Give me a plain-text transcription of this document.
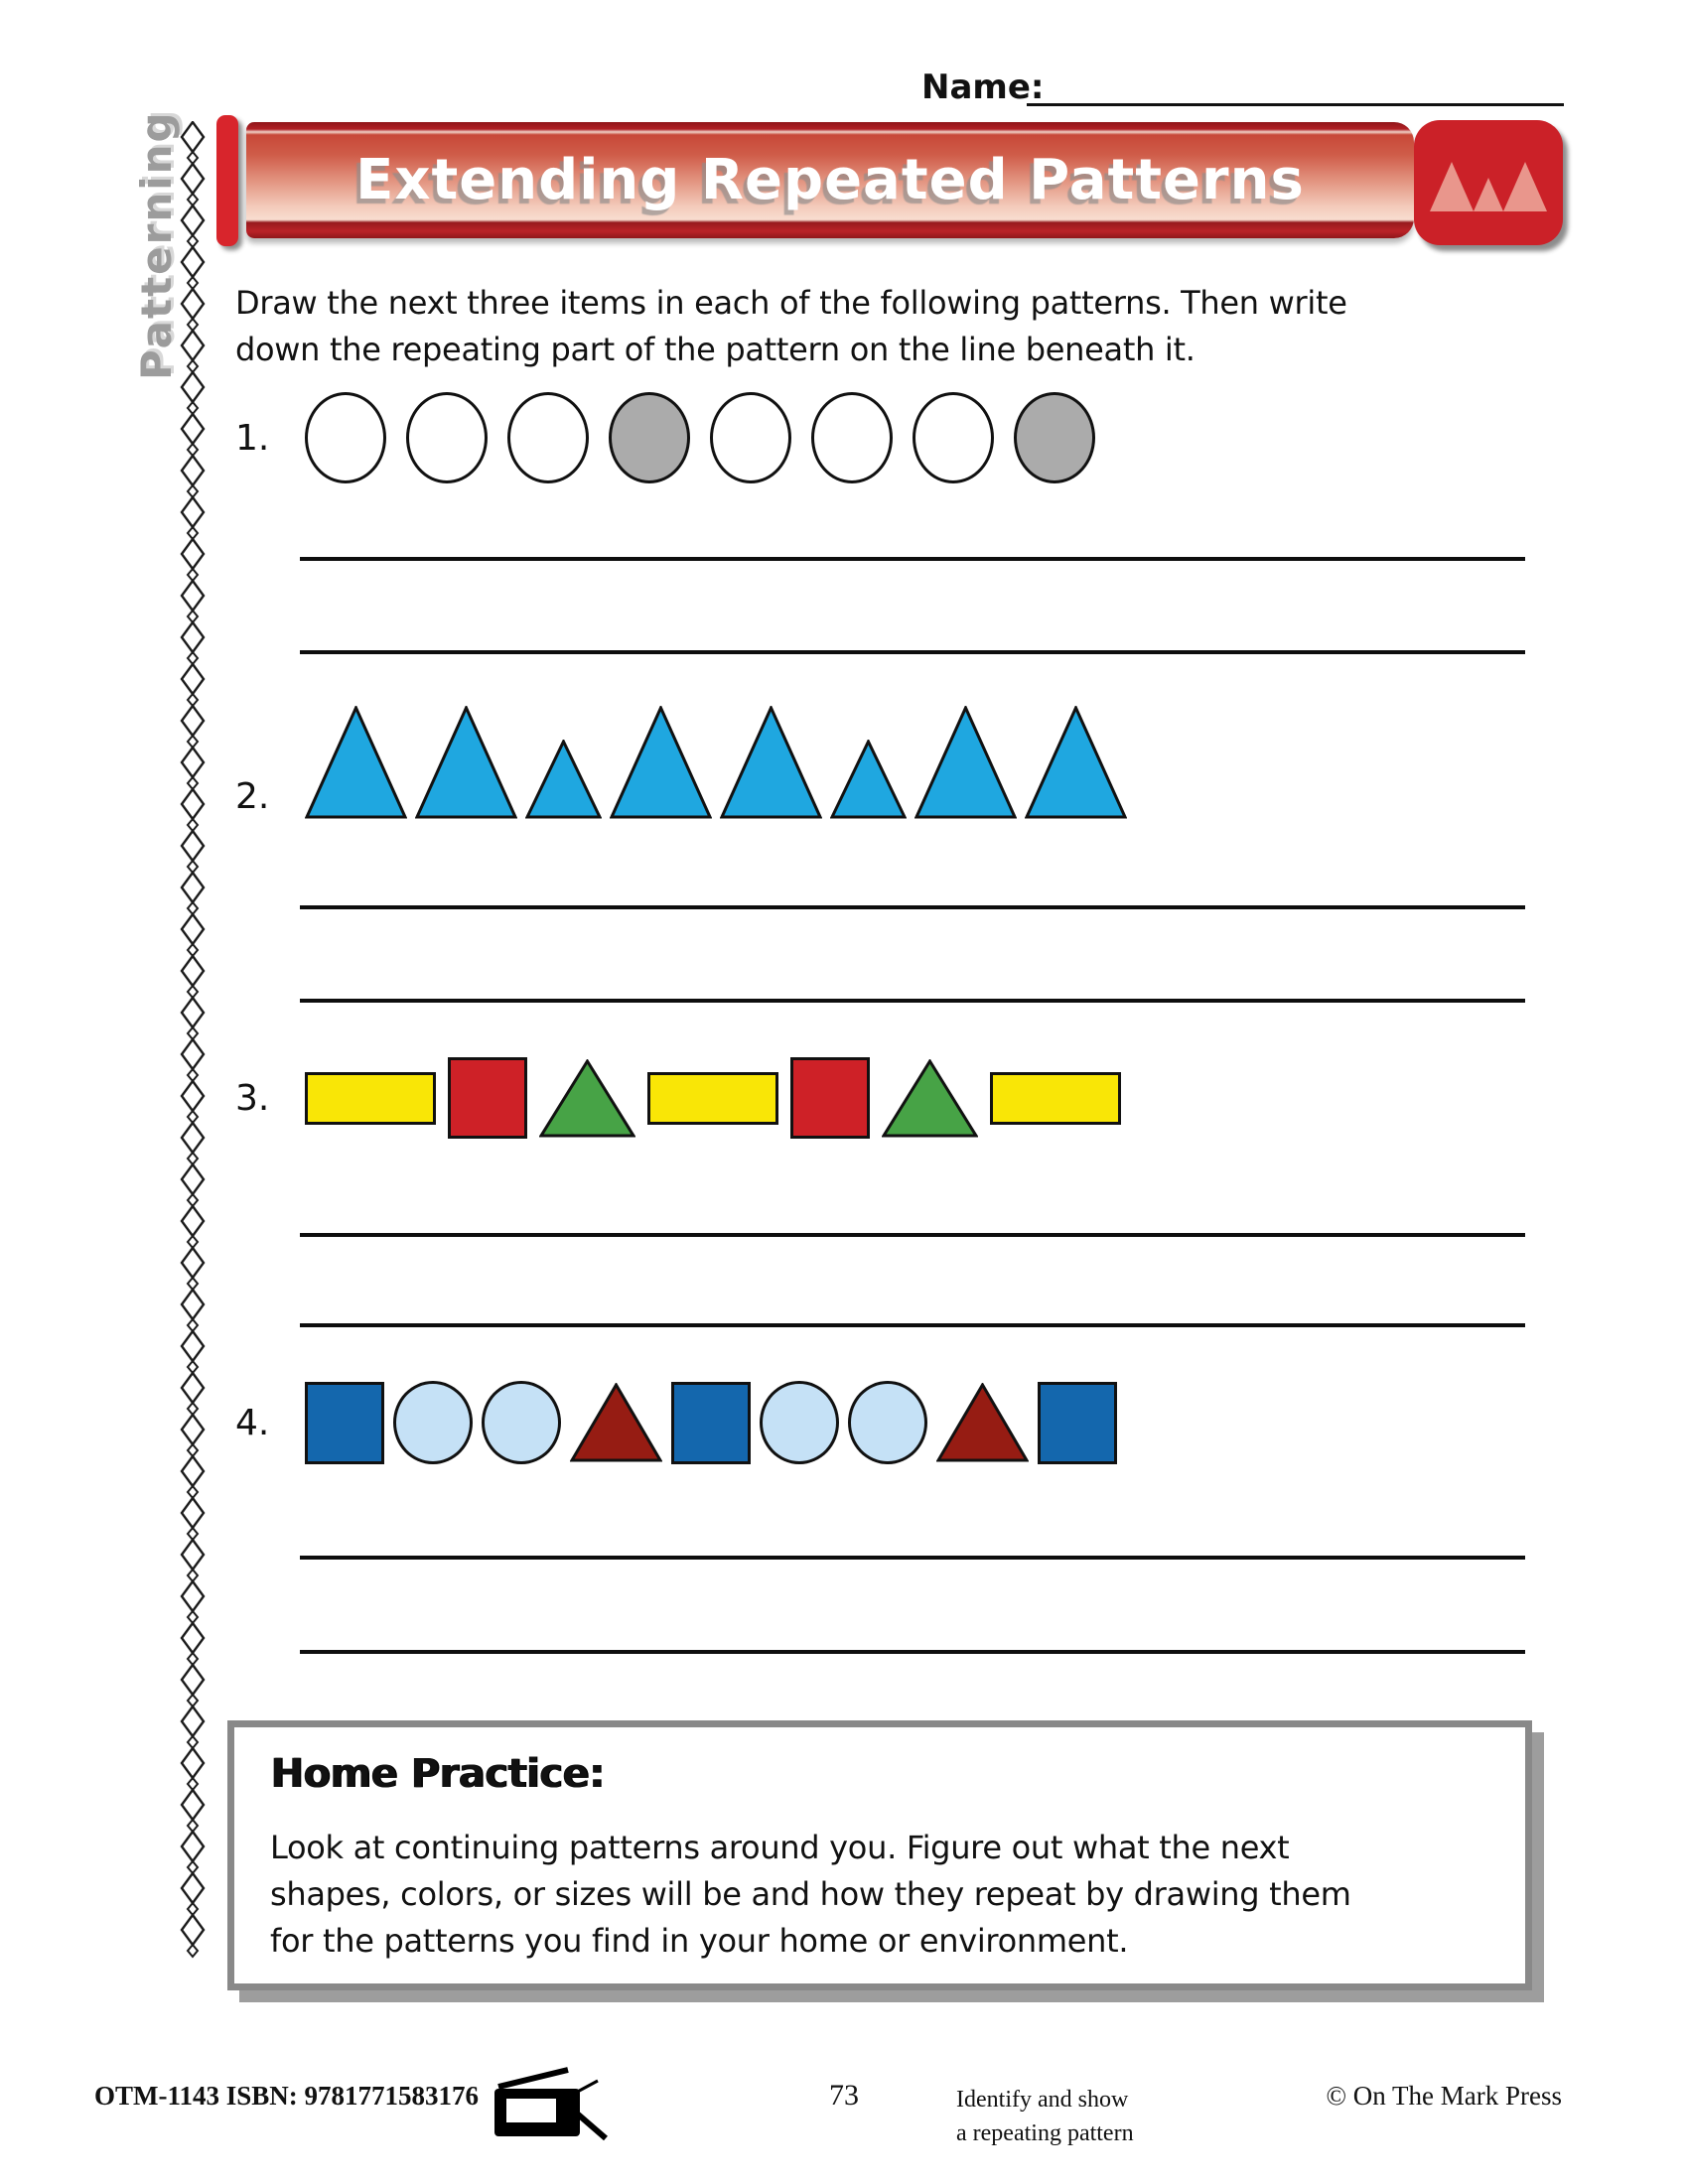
Name:
Extending Repeated Patterns
Patterning	Draw the next three items in each of the following patterns. Then write
down the repeating part of the pattern on the line beneath it.
1.
2.
3.
4.
Home Practice:
Look at continuing patterns around you. Figure out what the next
shapes, colors, or sizes will be and how they repeat by drawing them
for the patterns you find in your home or environment.
OTM-1143 ISBN: 9781771583176	73	Identify and show
a repeating pattern
© On The Mark Press
